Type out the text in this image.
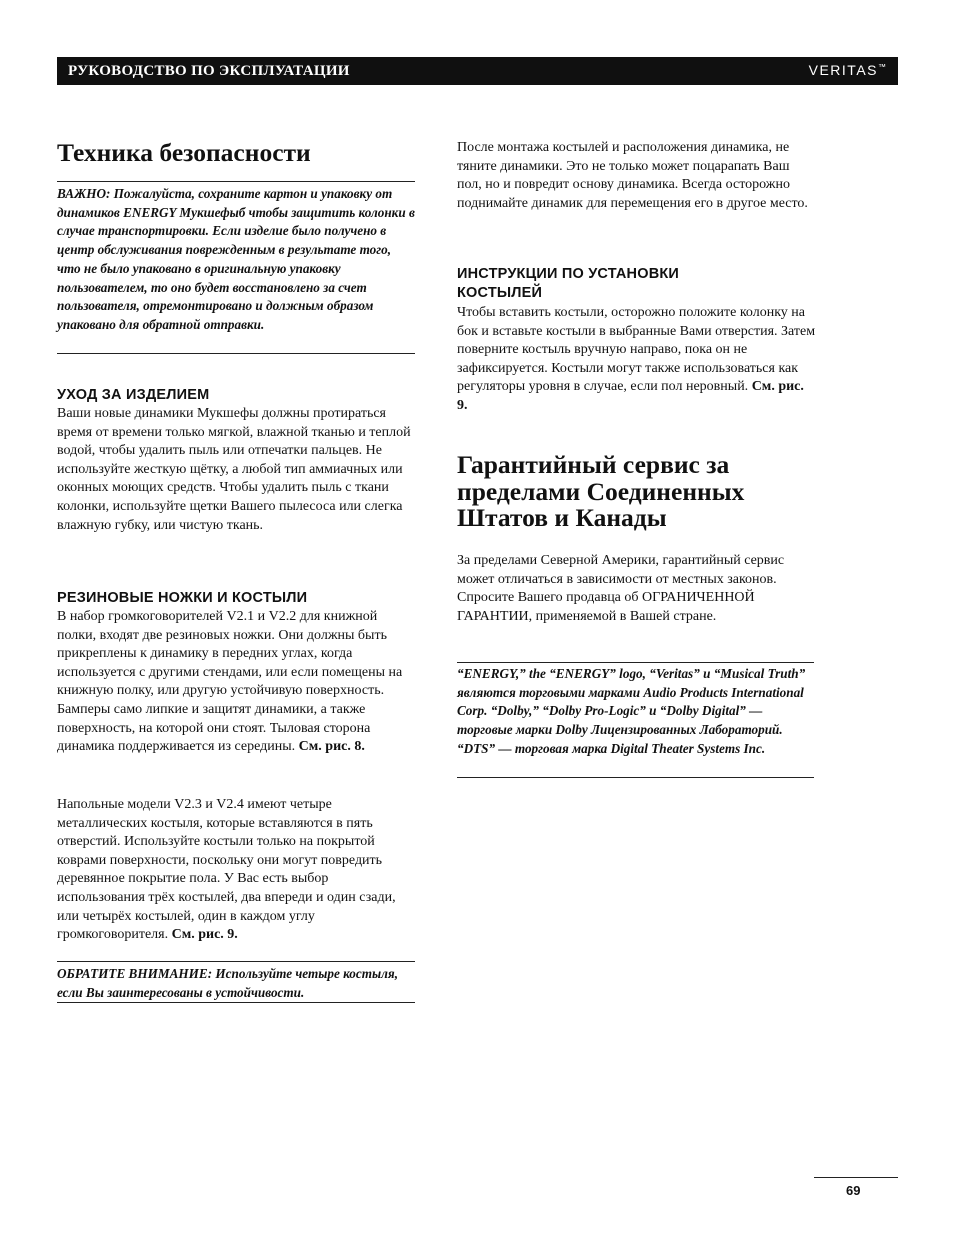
РУКОВОДСТВО ПО ЭКСПЛУАТАЦИИ	VERITAS™
Техника безопасности

ВАЖНО: Пожалуйста, сохраните картон и упаковку от динамиков ENERGY Мукшефыб чтобы защитить колонки в случае транспортировки. Если изделие было получено в центр обслуживания поврежденным в результате того, что не было упаковано в оригинальную упаковку пользователем, то оно будет восстановлено за счет пользователя, отремонтировано и должным образом упаковано для обратной отправки.

УХОД ЗА ИЗДЕЛИЕМ

Ваши новые динамики Мукшефы должны протираться время от времени только мягкой, влажной тканью и теплой водой, чтобы удалить пыль или отпечатки пальцев. Не используйте жесткую щётку, а любой тип аммиачных или оконных моющих средств. Чтобы удалить пыль с ткани колонки, используйте щетки Вашего пылесоса или слегка влажную губку, или чистую ткань.

РЕЗИНОВЫЕ НОЖКИ И КОСТЫЛИ

В набор громкоговорителей V2.1 и V2.2 для книжной полки, входят две резиновых ножки. Они должны быть прикреплены к динамику в передних углах, когда используется с другими стендами, или если помещены на книжную полку, или другую устойчивую поверхность. Бамперы само липкие и защитят динамики, а также поверхность, на которой они стоят. Тыловая сторона динамика поддерживается из середины. См. рис. 8.

Напольные модели V2.3 и V2.4 имеют четыре металлических костыля, которые вставляются в пять отверстий. Используйте костыли только на покрытой коврами поверхности, поскольку они могут повредить деревянное покрытие пола. У Вас есть выбор использования трёх костылей, два впереди и один сзади, или четырёх костылей, один в каждом углу громкоговорителя. См. рис. 9.

ОБРАТИТЕ ВНИМАНИЕ: Используйте четыре костыля, если Вы заинтересованы в устойчивости.

После монтажа костылей и расположения динамика, не тяните динамики. Это не только может поцарапать Ваш пол, но и повредит основу динамика. Всегда осторожно поднимайте динамик для перемещения его в другое место.

ИНСТРУКЦИИ ПО УСТАНОВКИ КОСТЫЛЕЙ

Чтобы вставить костыли, осторожно положите колонку на бок и вставьте костыли в выбранные Вами отверстия. Затем поверните костыль вручную направо, пока он не зафиксируется. Костыли могут также использоваться как регуляторы уровня в случае, если пол неровный. См. рис. 9.

Гарантийный сервис за пределами Соединенных Штатов и Канады

За пределами Северной Америки, гарантийный сервис может отличаться в зависимости от местных законов. Спросите Вашего продавца об ОГРАНИЧЕННОЙ ГАРАНТИИ, применяемой в Вашей стране.

“ENERGY,” the “ENERGY” logo, “Veritas” и “Musical Truth” являются торговыми марками Audio Products International Corp. “Dolby,” “Dolby Pro-Logic” и “Dolby Digital” — торговые марки Dolby Лицензированных Лабораторий. “DTS” — торговая марка Digital Theater Systems Inc.

69
